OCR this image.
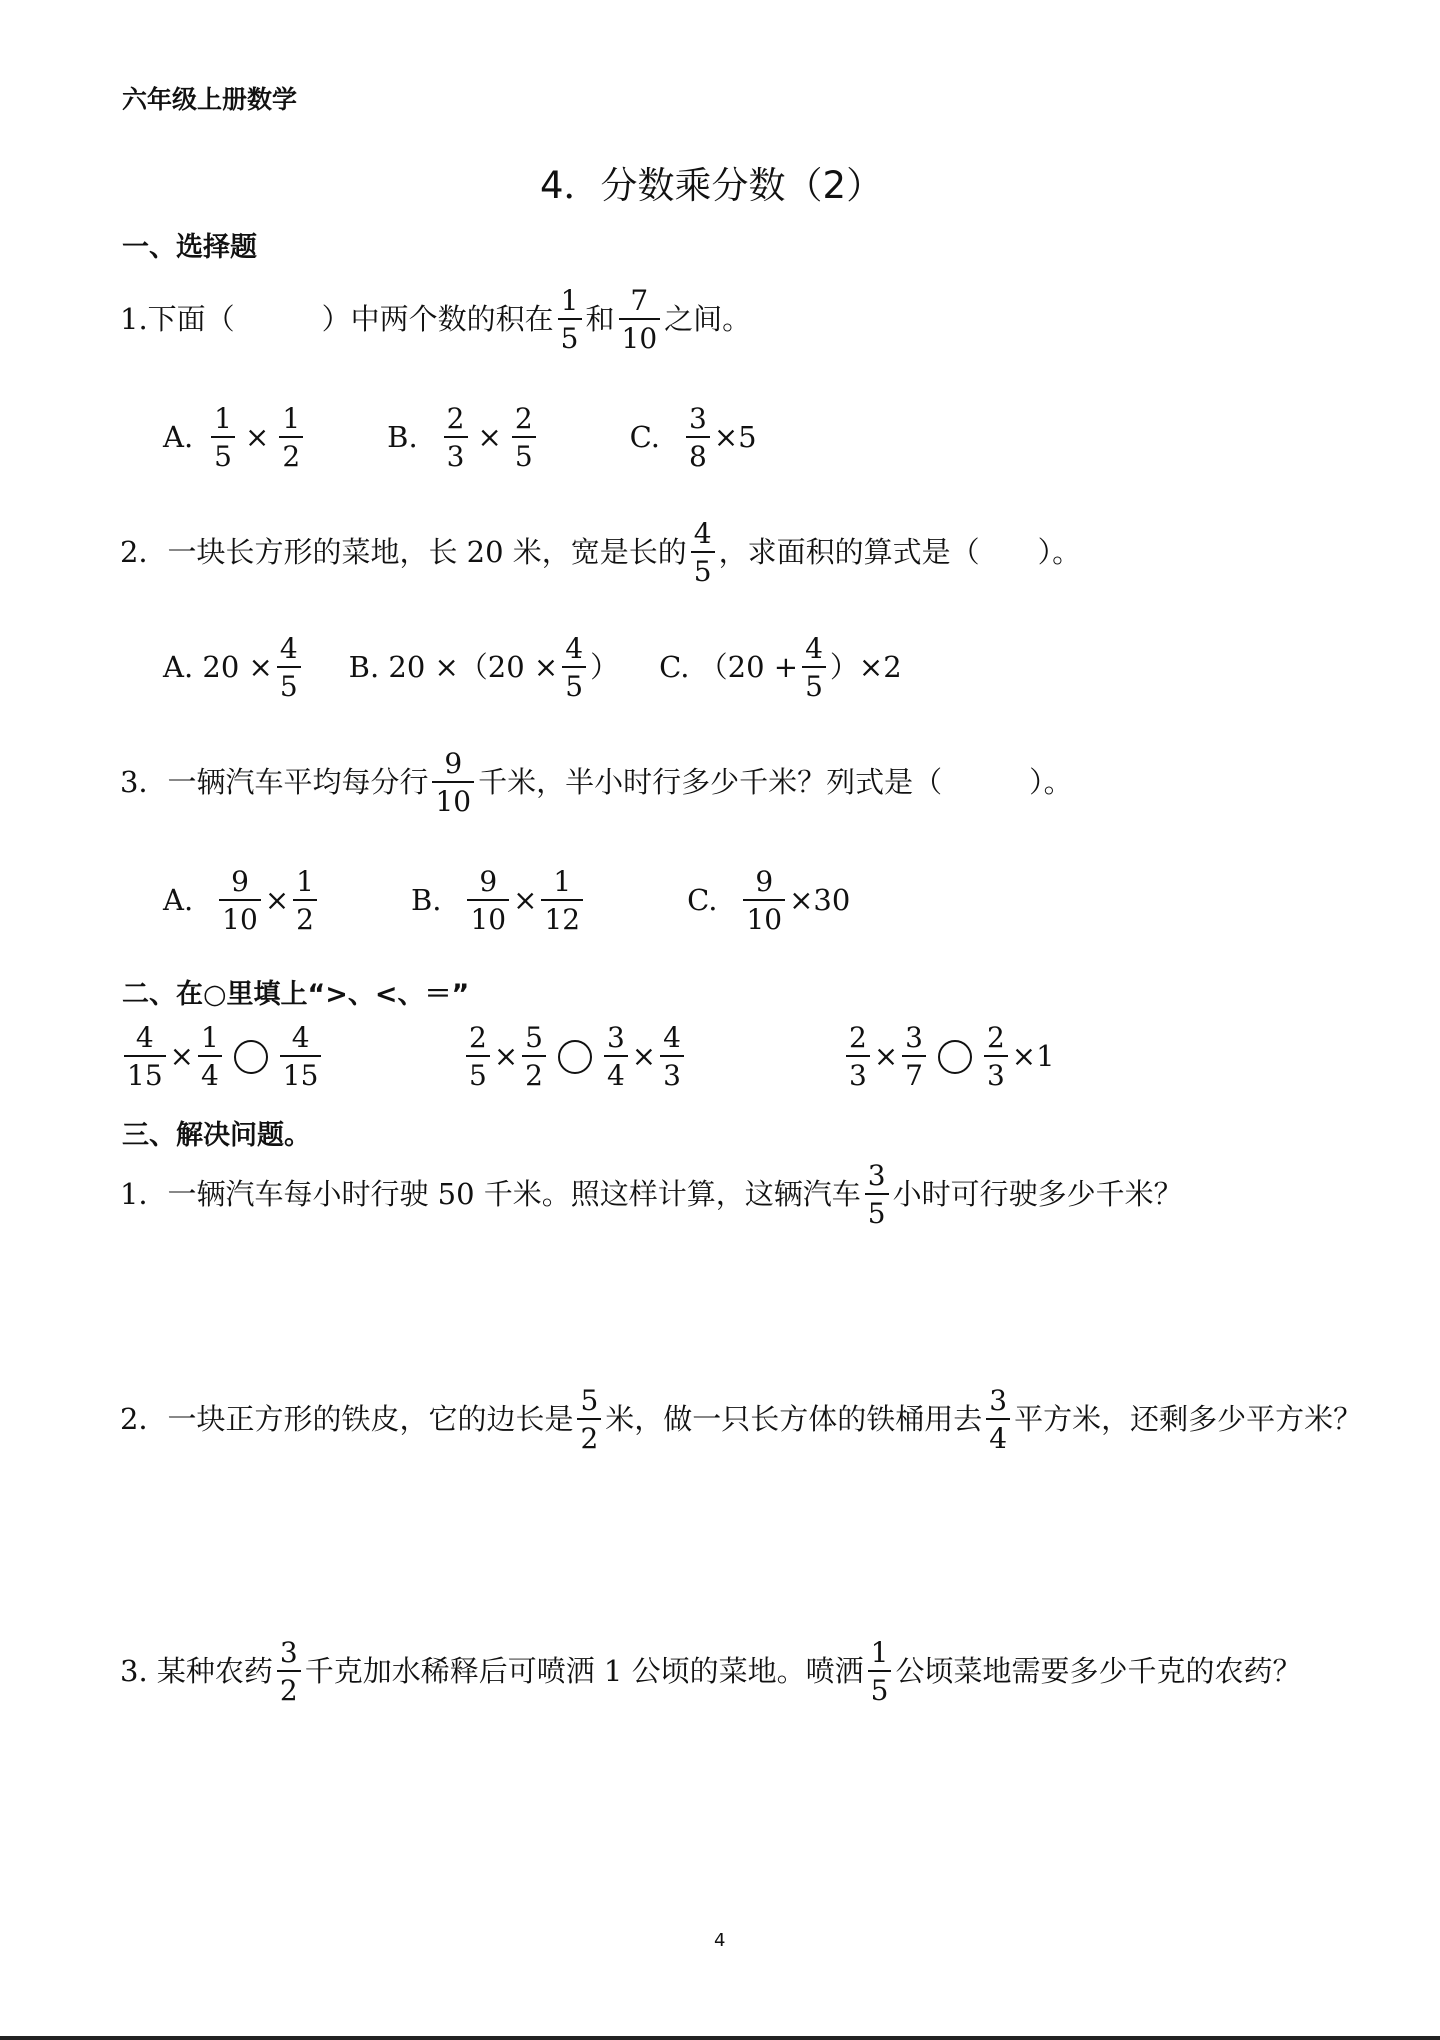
六年级上册数学
4．分数乘分数（2）
一、选择题
1.下面（　　　）中两个数的积在 $\frac{1}{5}$ 和 $\frac{7}{10}$ 之间。
A. $\frac{1}{5} \times \frac{1}{2}$	B. $\frac{2}{3} \times \frac{2}{5}$	C. $\frac{3}{8} \times 5$
2．一块长方形的菜地，长 20 米，宽是长的 $\frac{4}{5}$ ，求面积的算式是（　　）。
A. $20 \times \frac{4}{5} B$. $20 \times(20 \times \frac{4}{5}$ ） C. $(20 + \frac{4}{5} )\times 2$
3．一辆汽车平均每分行 $\frac{9}{10}$ 千米，半小时行多少千米？列式是（　　　）。
A. $\frac{9}{10} \times \frac{1}{2}$	B. $\frac{9}{10} \times \frac{1}{12}$	C. $\frac{9}{10} \times 30$
二、在○里填上“>、<、＝”
$\frac{4}{15} \times \frac{1}{4} \frac{4}{15}$	$\frac{2}{5} \times \frac{5}{2} \frac{3}{4} \times \frac{4}{3}$	$\frac{2}{3} \times \frac{3}{7} \frac{2}{3} \times 1$
三、解决问题。
1．一辆汽车每小时行驶 50 千米。照这样计算，这辆汽车 $\frac{3}{5}$ 小时可行驶多少千米？
2．一块正方形的铁皮，它的边长是 $\frac{5}{2}$ 米，做一只长方体的铁桶用去 $\frac{3}{4}$ 平方米，还剩多少平方米？
3. 某种农药 $\frac{3}{2}$ 千克加水稀释后可喷洒 1 公顷的菜地。喷洒 $\frac{1}{5}$ 公顷菜地需要多少千克的农药？
4
